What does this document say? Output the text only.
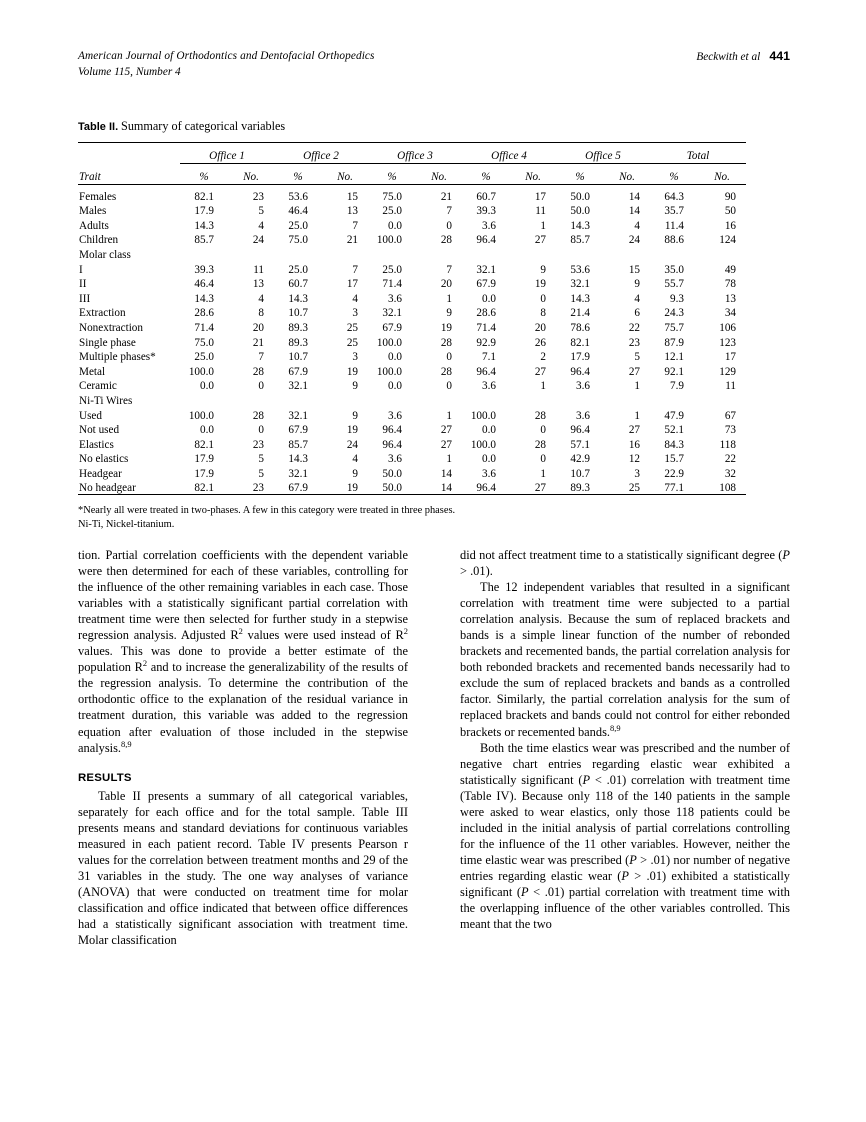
American Journal of Orthodontics and Dentofacial Orthopedics
Volume 115, Number 4
Beckwith et al 441
Table II. Summary of categorical variables

	Office 1		Office 2		Office 3		Office 4		Office 5		Total	
Trait	%	No.	%	No.	%	No.	%	No.	%	No.	%	No.

Females	82.1	23	53.6	15	75.0	21	60.7	17	50.0	14	64.3	90
Males	17.9	5	46.4	13	25.0	7	39.3	11	50.0	14	35.7	50
Adults	14.3	4	25.0	7	0.0	0	3.6	1	14.3	4	11.4	16
Children	85.7	24	75.0	21	100.0	28	96.4	27	85.7	24	88.6	124
Molar class												
I	39.3	11	25.0	7	25.0	7	32.1	9	53.6	15	35.0	49
II	46.4	13	60.7	17	71.4	20	67.9	19	32.1	9	55.7	78
III	14.3	4	14.3	4	3.6	1	0.0	0	14.3	4	9.3	13
Extraction	28.6	8	10.7	3	32.1	9	28.6	8	21.4	6	24.3	34
Nonextraction	71.4	20	89.3	25	67.9	19	71.4	20	78.6	22	75.7	106
Single phase	75.0	21	89.3	25	100.0	28	92.9	26	82.1	23	87.9	123
Multiple phases*	25.0	7	10.7	3	0.0	0	7.1	2	17.9	5	12.1	17
Metal	100.0	28	67.9	19	100.0	28	96.4	27	96.4	27	92.1	129
Ceramic	0.0	0	32.1	9	0.0	0	3.6	1	3.6	1	7.9	11
Ni-Ti Wires												
Used	100.0	28	32.1	9	3.6	1	100.0	28	3.6	1	47.9	67
Not used	0.0	0	67.9	19	96.4	27	0.0	0	96.4	27	52.1	73
Elastics	82.1	23	85.7	24	96.4	27	100.0	28	57.1	16	84.3	118
No elastics	17.9	5	14.3	4	3.6	1	0.0	0	42.9	12	15.7	22
Headgear	17.9	5	32.1	9	50.0	14	3.6	1	10.7	3	22.9	32
No headgear	82.1	23	67.9	19	50.0	14	96.4	27	89.3	25	77.1	108

*Nearly all were treated in two-phases. A few in this category were treated in three phases.
Ni-Ti, Nickel-titanium.

tion. Partial correlation coefficients with the dependent variable were then determined for each of these variables, controlling for the influence of the other remaining variables in each case. Those variables with a statistically significant partial correlation with treatment time were then selected for further study in a stepwise regression analysis. Adjusted $R^2$ values were used instead of $R^2$ values. This was done to provide a better estimate of the population $R^2$ and to increase the generalizability of the results of the regression analysis. To determine the contribution of the orthodontic office to the explanation of the residual variance in treatment duration, this variable was added to the regression equation after evaluation of those included in the stepwise analysis.$^{8,9}$

RESULTS

Table II presents a summary of all categorical variables, separately for each office and for the total sample. Table III presents means and standard deviations for continuous variables measured in each patient record. Table IV presents Pearson r values for the correlation between treatment months and 29 of the 31 variables in the study. The one way analyses of variance (ANOVA) that were conducted on treatment time for molar classification and office indicated that between office differences had a statistically significant association with treatment time. Molar classification

did not affect treatment time to a statistically significant degree (P > .01).

The 12 independent variables that resulted in a significant correlation with treatment time were subjected to a partial correlation analysis. Because the sum of replaced brackets and bands is a simple linear function of the number of rebonded brackets and recemented bands, the partial correlation analysis for both rebonded brackets and recemented bands necessarily had to exclude the sum of replaced brackets and bands as a controlled factor. Similarly, the partial correlation analysis for the sum of replaced brackets and bands could not control for either rebonded brackets or recemented bands.$^{8,9}$

Both the time elastics wear was prescribed and the number of negative chart entries regarding elastic wear exhibited a statistically significant (P < .01) correlation with treatment time (Table IV). Because only 118 of the 140 patients in the sample were asked to wear elastics, only those 118 patients could be included in the initial analysis of partial correlations controlling for the influence of the 11 other variables. However, neither the time elastic wear was prescribed (P > .01) nor number of negative entries regarding elastic wear (P > .01) exhibited a statistically significant (P < .01) partial correlation with treatment time with the overlapping influence of the other variables controlled. This meant that the two
